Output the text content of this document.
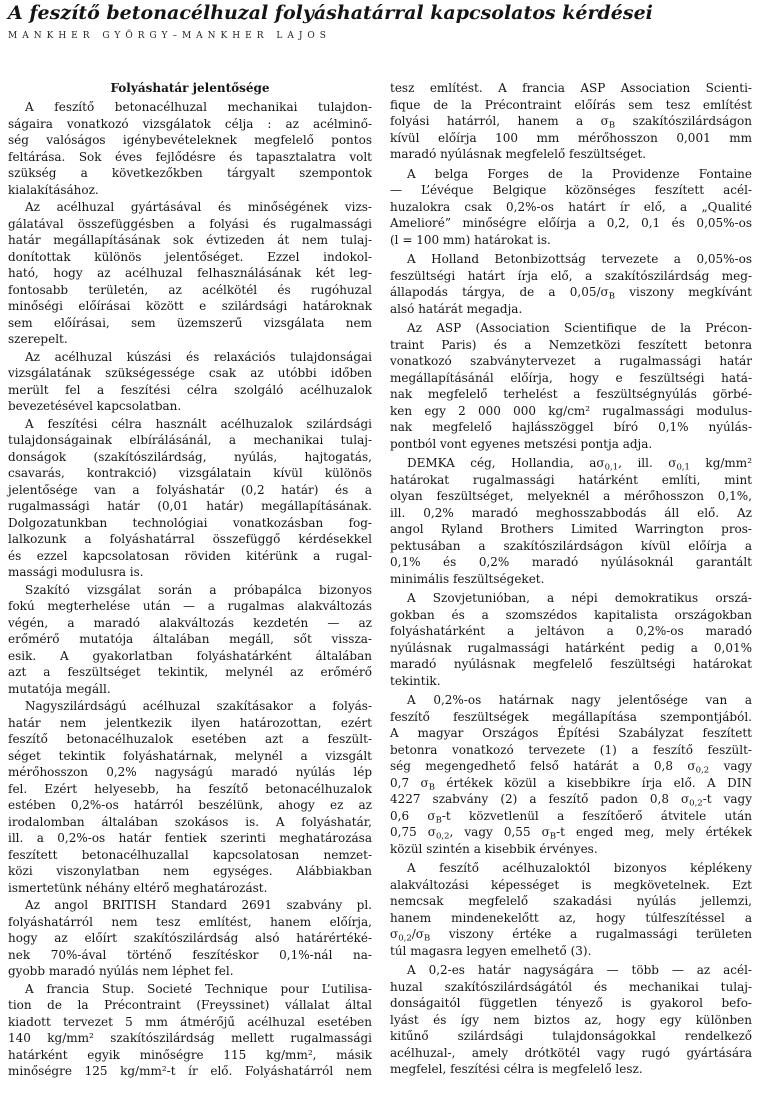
A feszítő betonacélhuzal folyáshatárral kapcsolatos kérdései
MANKHER GYÖRGY–MANKHER LAJOS
Folyáshatár jelentősége
A feszítő betonacélhuzal mechanikai tulajdon-
ságaira vonatkozó vizsgálatok célja : az acélminő-
ség valóságos igénybevételeknek megfelelő pontos
feltárása. Sok éves fejlődésre és tapasztalatra volt
szükség a következőkben tárgyalt szempontok
kialakításához.
Az acélhuzal gyártásával és minőségének vizs-
gálatával összefüggésben a folyási és rugalmassági
határ megállapításának sok évtizeden át nem tulaj-
donítottak különös jelentőséget. Ezzel indokol-
ható, hogy az acélhuzal felhasználásának két leg-
fontosabb területén, az acélkötél és rugóhuzal
minőségi előírásai között e szilárdsági határoknak
sem előírásai, sem üzemszerű vizsgálata nem
szerepelt.
Az acélhuzal kúszási és relaxációs tulajdonságai
vizsgálatának szükségessége csak az utóbbi időben
merült fel a feszítési célra szolgáló acélhuzalok
bevezetésével kapcsolatban.
A feszítési célra használt acélhuzalok szilárdsági
tulajdonságainak elbírálásánál, a mechanikai tulaj-
donságok (szakítószilárdság, nyúlás, hajtogatás,
csavarás, kontrakció) vizsgálatain kívül különös
jelentősége van a folyáshatár (0,2 határ) és a
rugalmassági határ (0,01 határ) megállapításának.
Dolgozatunkban technológiai vonatkozásban fog-
lalkozunk a folyáshatárral összefüggő kérdésekkel
és ezzel kapcsolatosan röviden kitérünk a rugal-
massági modulusra is.
Szakító vizsgálat során a próbapálca bizonyos
fokú megterhelése után — a rugalmas alakváltozás
végén, a maradó alakváltozás kezdetén — az
erőmérő mutatója általában megáll, sőt vissza-
esik. A gyakorlatban folyáshatárként általában
azt a feszültséget tekintik, melynél az erőmérő
mutatója megáll.
Nagyszilárdságú acélhuzal szakításakor a folyás-
határ nem jelentkezik ilyen határozottan, ezért
feszítő betonacélhuzalok esetében azt a feszült-
séget tekintik folyáshatárnak, melynél a vizsgált
mérőhosszon 0,2% nagyságú maradó nyúlás lép
fel. Ezért helyesebb, ha feszítő betonacélhuzalok
estében 0,2%-os határról beszélünk, ahogy ez az
irodalomban általában szokásos is. A folyáshatár,
ill. a 0,2%-os határ fentiek szerinti meghatározása
feszített betonacélhuzallal kapcsolatosan nemzet-
közi viszonylatban nem egységes. Alábbiakban
ismertetünk néhány eltérő meghatározást.
Az angol BRITISH Standard 2691 szabvány pl.
folyáshatárról nem tesz említést, hanem előírja,
hogy az előírt szakítószilárdság alsó határértéké-
nek 70%-ával történő feszítéskor 0,1%-nál na-
gyobb maradó nyúlás nem léphet fel.
A francia Stup. Societé Technique pour L’utilisa-
tion de la Précontraint (Freyssinet) vállalat által
kiadott tervezet 5 mm átmérőjű acélhuzal esetében
140 kg/mm² szakítószilárdság mellett rugalmassági
határként egyik minőségre 115 kg/mm², másik
minőségre 125 kg/mm²-t ír elő. Folyáshatárról nem
tesz említést. A francia ASP Association Scienti-
fique de la Précontraint előírás sem tesz említést
folyási határról, hanem a $\sigma_B$ szakítószilárdságon
kívül előírja 100 mm mérőhosszon 0,001 mm
maradó nyúlásnak megfelelő feszültséget.
A belga Forges de la Providenze Fontaine
— L’évéque Belgique közönséges feszített acél-
huzalokra csak 0,2%-os határt ír elő, a „Qualité
Amelioré” minőségre előírja a 0,2, 0,1 és 0,05%-os
(l = 100 mm) határokat is.
A Holland Betonbizottság tervezete a 0,05%-os
feszültségi határt írja elő, a szakítószilárdság meg-
állapodás tárgya, de a $0,05/\sigma_B$ viszony megkívánt
alsó határát megadja.
Az ASP (Association Scientifique de la Précon-
traint Paris) és a Nemzetközi feszített betonra
vonatkozó szabványtervezet a rugalmassági határ
megállapításánál előírja, hogy e feszültségi hatá-
nak megfelelő terhelést a feszültségnyúlás görbé-
ken egy 2 000 000 kg/cm² rugalmassági modulus-
nak megfelelő hajlásszöggel bíró 0,1% nyúlás-
pontból vont egyenes metszési pontja adja.
DEMKA cég, Hollandia, $a\sigma_{0,1}$, ill. $\sigma_{0,1}$ kg/mm²
határokat rugalmassági határként említi, mint
olyan feszültséget, melyeknél a mérőhosszon 0,1%,
ill. 0,2% maradó meghosszabbodás áll elő. Az
angol Ryland Brothers Limited Warrington pros-
pektusában a szakítószilárdságon kívül előírja a
0,1% és 0,2% maradó nyúlásoknál garantált
minimális feszültségeket.
A Szovjetunióban, a népi demokratikus orszá-
gokban és a szomszédos kapitalista országokban
folyáshatárként a jeltávon a 0,2%-os maradó
nyúlásnak rugalmassági határként pedig a 0,01%
maradó nyúlásnak megfelelő feszültségi határokat
tekintik.
A 0,2%-os határnak nagy jelentősége van a
feszítő feszültségek megállapítása szempontjából.
A magyar Országos Építési Szabályzat feszített
betonra vonatkozó tervezete (1) a feszítő feszült-
ség megengedhető felső határát a 0,8 $\sigma_{0,2}$ vagy
0,7 $\sigma_B$ értékek közül a kisebbikre írja elő. A DIN
4227 szabvány (2) a feszítő padon 0,8 $\sigma_{0,2}-t$ vagy
0,6 $\sigma_B-t$ közvetlenül a feszítőerő átvitele után
0,75 $\sigma_{0,2}$, vagy 0,55 $\sigma_B-t$ enged meg, mely értékek
közül szintén a kisebbik érvényes.
A feszítő acélhuzaloktól bizonyos képlékeny
alakváltozási képességet is megkövetelnek. Ezt
nemcsak megfelelő szakadási nyúlás jellemzi,
hanem mindenekelőtt az, hogy túlfeszítéssel a
$\sigma_{0,2}/\sigma_B$ viszony értéke a rugalmassági területen
túl magasra legyen emelhető (3).
A 0,2-es határ nagyságára — több — az acél-
huzal szakítószilárdságától és mechanikai tulaj-
donságaitól független tényező is gyakorol befo-
lyást és így nem biztos az, hogy egy különben
kitűnő szilárdsági tulajdonságokkal rendelkező
acélhuzal-, amely drótkötél vagy rugó gyártására
megfelel, feszítési célra is megfelelő lesz.
